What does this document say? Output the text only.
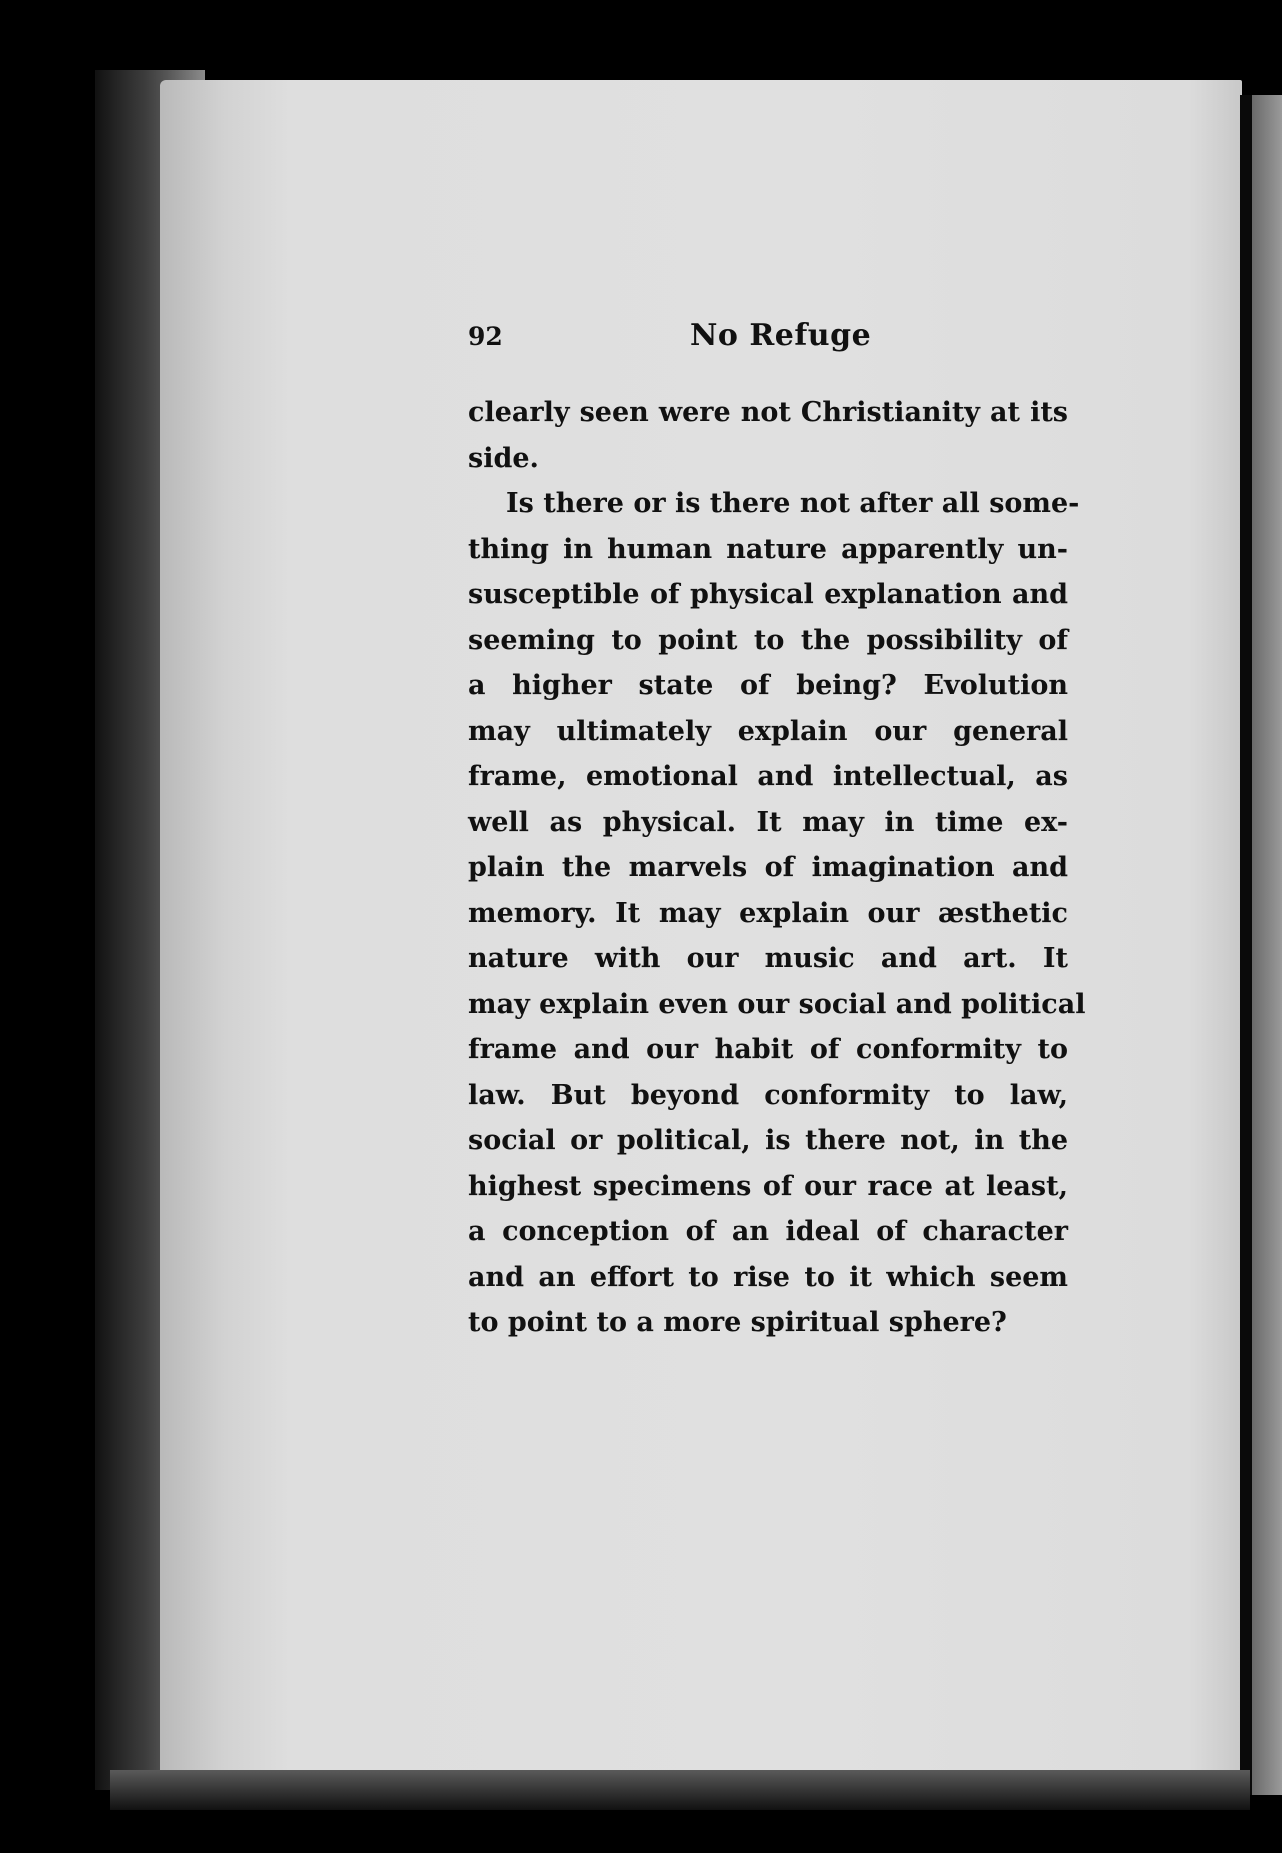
92	No Refuge
clearly seen were not Christianity at its
side.
Is there or is there not after all some-
thing in human nature apparently un-
susceptible of physical explanation and
seeming to point to the possibility of
a higher state of being? Evolution
may ultimately explain our general
frame, emotional and intellectual, as
well as physical. It may in time ex-
plain the marvels of imagination and
memory. It may explain our æsthetic
nature with our music and art. It
may explain even our social and political
frame and our habit of conformity to
law. But beyond conformity to law,
social or political, is there not, in the
highest specimens of our race at least,
a conception of an ideal of character
and an effort to rise to it which seem
to point to a more spiritual sphere?
